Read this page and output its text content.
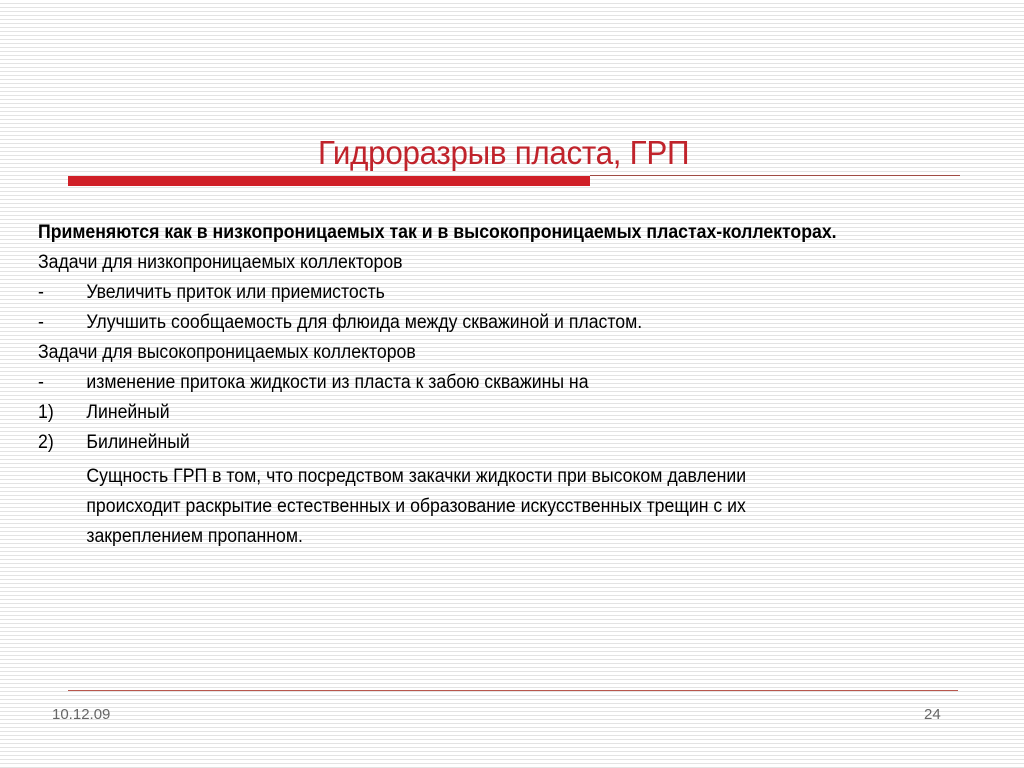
Гидроразрыв пласта, ГРП
Применяются как в низкопроницаемых так и в высокопроницаемых пластах-коллекторах.
Задачи для низкопроницаемых коллекторов
- Увеличить приток или приемистость
- Улучшить сообщаемость для флюида между скважиной и пластом.
Задачи для высокопроницаемых коллекторов
- изменение притока жидкости из пласта к забою скважины на
1) Линейный
2) Билинейный
Сущность ГРП в том, что посредством закачки жидкости при высоком давлении
происходит раскрытие естественных и образование искусственных трещин с их
закреплением пропанном.
10.12.09	24
